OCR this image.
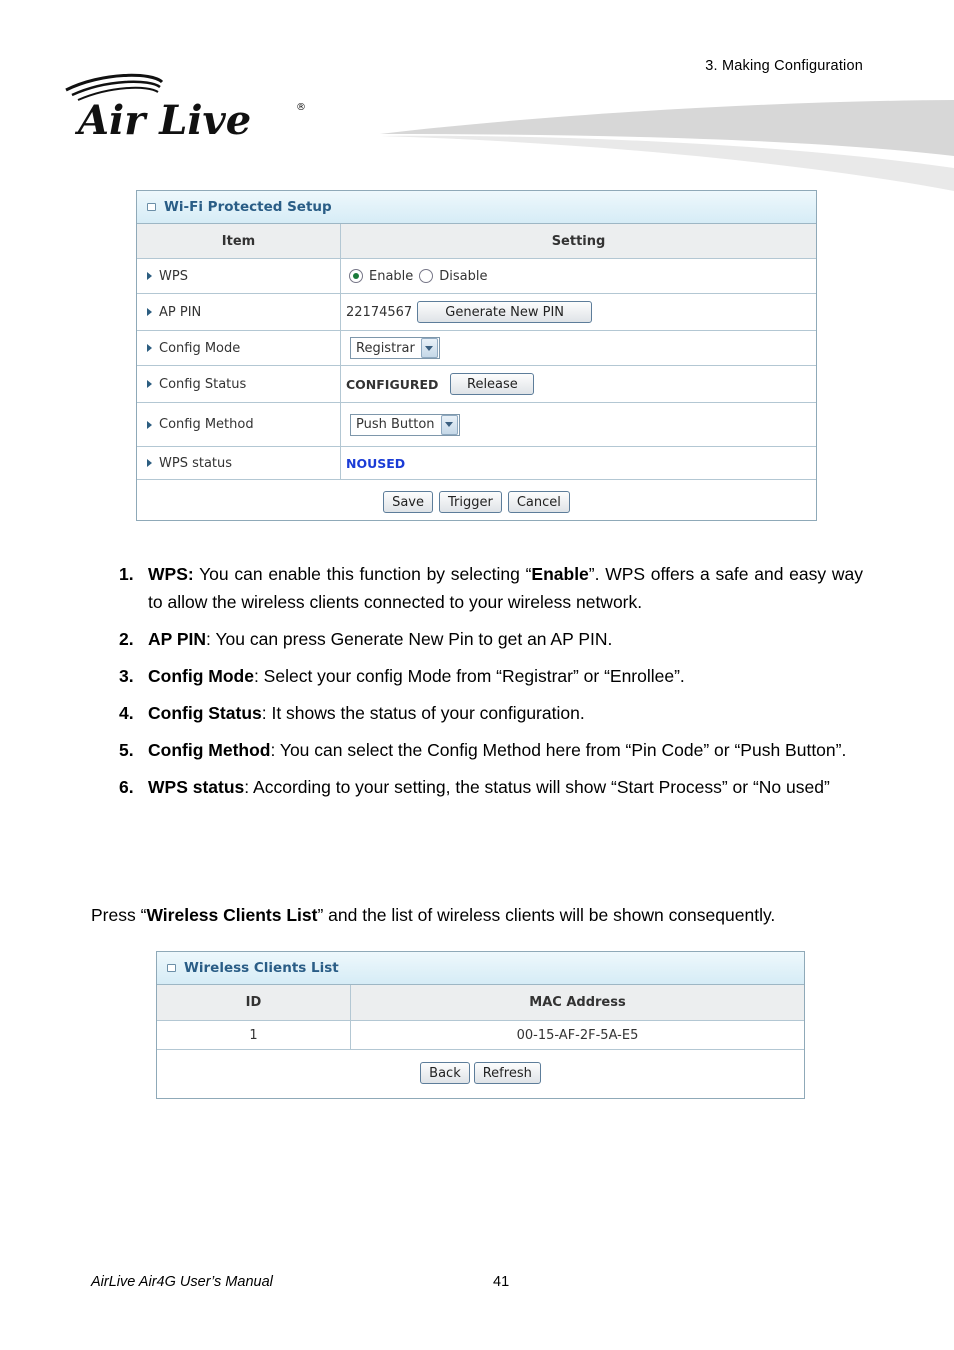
3. Making Configuration
Air Live	®
Wi-Fi Protected Setup
Item	Setting
WPS	Enable Disable
AP PIN	22174567	Generate New PIN
Config Mode	Registrar
Config Status	CONFIGURED	Release
Config Method	Push Button
WPS status	NOUSED
Save	Trigger	Cancel
1. WPS: You can enable this function by selecting “Enable”. WPS offers a safe and easy way to allow the wireless clients connected to your wireless network.
2. AP PIN: You can press Generate New Pin to get an AP PIN.
3. Config Mode: Select your config Mode from “Registrar” or “Enrollee”.
4. Config Status: It shows the status of your configuration.
5. Config Method: You can select the Config Method here from “Pin Code” or “Push Button”.
6. WPS status: According to your setting, the status will show “Start Process” or “No used”
Press “Wireless Clients List” and the list of wireless clients will be shown consequently.
Wireless Clients List
ID	MAC Address
1	00-15-AF-2F-5A-E5
Back	Refresh
AirLive Air4G User’s Manual	41
